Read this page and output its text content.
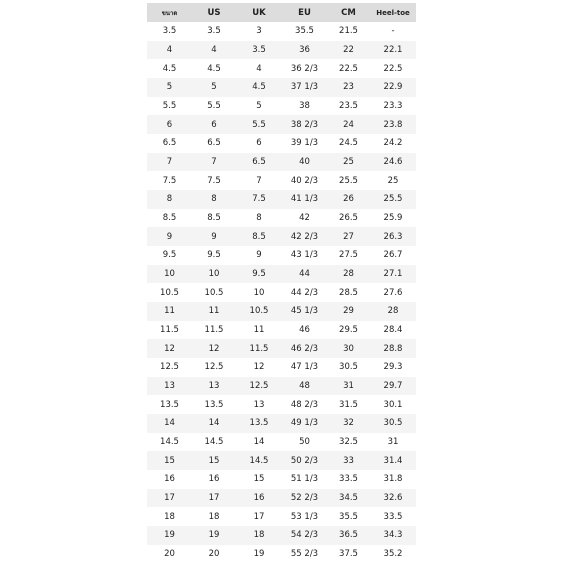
ขนาด	US	UK	EU	CM	Heel-toe
3.5	3.5	3	35.5	21.5	-
4	4	3.5	36	22	22.1
4.5	4.5	4	36 2/3	22.5	22.5
5	5	4.5	37 1/3	23	22.9
5.5	5.5	5	38	23.5	23.3
6	6	5.5	38 2/3	24	23.8
6.5	6.5	6	39 1/3	24.5	24.2
7	7	6.5	40	25	24.6
7.5	7.5	7	40 2/3	25.5	25
8	8	7.5	41 1/3	26	25.5
8.5	8.5	8	42	26.5	25.9
9	9	8.5	42 2/3	27	26.3
9.5	9.5	9	43 1/3	27.5	26.7
10	10	9.5	44	28	27.1
10.5	10.5	10	44 2/3	28.5	27.6
11	11	10.5	45 1/3	29	28
11.5	11.5	11	46	29.5	28.4
12	12	11.5	46 2/3	30	28.8
12.5	12.5	12	47 1/3	30.5	29.3
13	13	12.5	48	31	29.7
13.5	13.5	13	48 2/3	31.5	30.1
14	14	13.5	49 1/3	32	30.5
14.5	14.5	14	50	32.5	31
15	15	14.5	50 2/3	33	31.4
16	16	15	51 1/3	33.5	31.8
17	17	16	52 2/3	34.5	32.6
18	18	17	53 1/3	35.5	33.5
19	19	18	54 2/3	36.5	34.3
20	20	19	55 2/3	37.5	35.2
